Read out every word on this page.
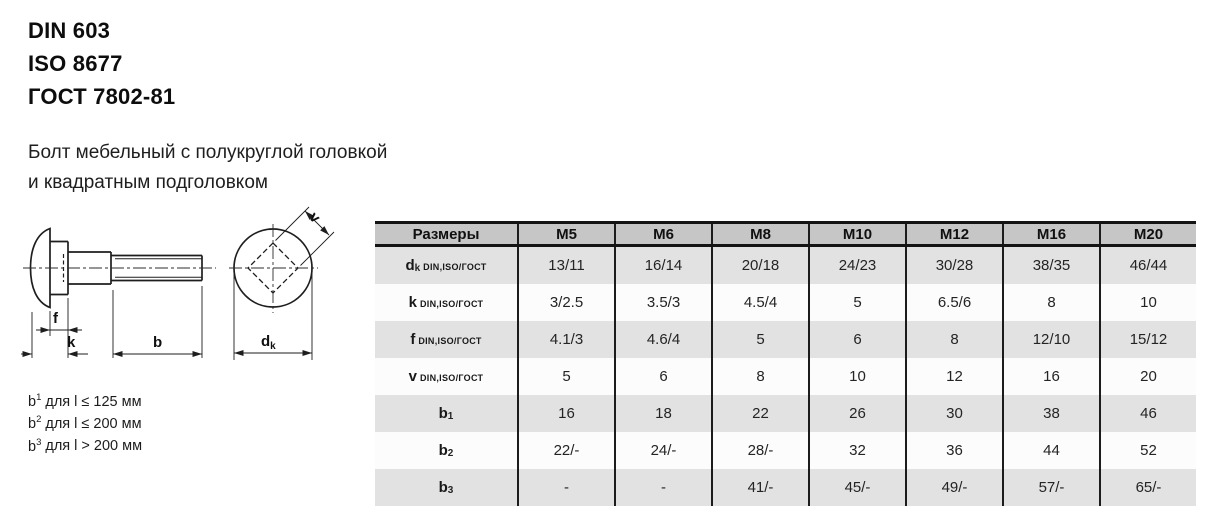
DIN 603
ISO 8677
ГОСТ 7802-81
Болт мебельный с полукруглой головкой
и квадратным подголовком
f
k	b
v
$d_k$
$b^1$ для l ≤ 125 мм
$b^2$ для l ≤ 200 мм
$b^3$ для l > 200 мм
Размеры	M5	M6	M8	M10	M12	M16	M20
d k DIN,ISO/ГОСТ	13/11	16/14	20/18	24/23	30/28	38/35	46/44
k DIN,ISO/ГОСТ	3/2.5	3.5/3	4.5/4	5	6.5/6	8	10
f DIN,ISO/ГОСТ	4.1/3	4.6/4	5	6	8	12/10	15/12
v DIN,ISO/ГОСТ	5	6	8	10	12	16	20
b 1	16	18	22	26	30	38	46
b 2	22/-	24/-	28/-	32	36	44	52
b 3	-	-	41/-	45/-	49/-	57/-	65/-
